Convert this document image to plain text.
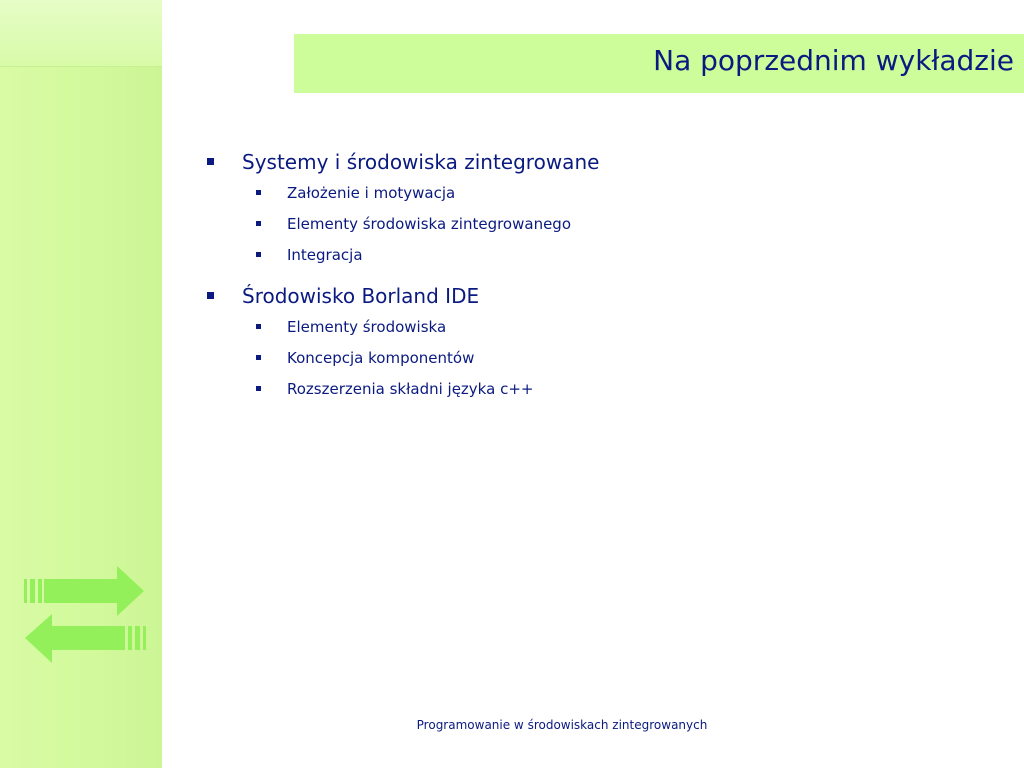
Na poprzednim wykładzie
Systemy i środowiska zintegrowane
Założenie i motywacja
Elementy środowiska zintegrowanego
Integracja
Środowisko Borland IDE
Elementy środowiska
Koncepcja komponentów
Rozszerzenia składni języka c++
Programowanie w środowiskach zintegrowanych
